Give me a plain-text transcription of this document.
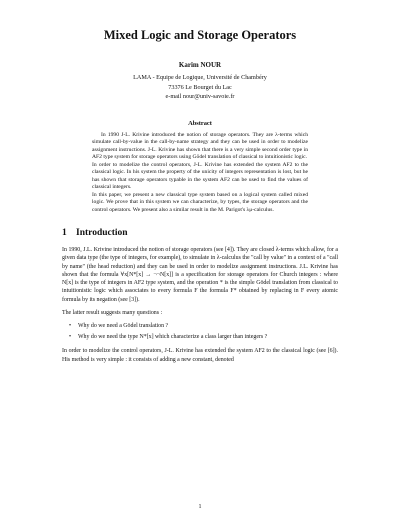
Mixed Logic and Storage Operators
Karim NOUR
LAMA - Equipe de Logique, Université de Chambéry
73376 Le Bourget du Lac
e-mail nour@univ-savoie.fr
Abstract

In 1990 J-L. Krivine introduced the notion of storage operators. They are λ-terms which simulate call-by-value in the call-by-name strategy and they can be used in order to modelize assignment instructions. J-L. Krivine has shown that there is a very simple second order type in AF2 type system for storage operators using Gödel translation of classical to intuitionistic logic.

In order to modelize the control operators, J-L. Krivine has extended the system AF2 to the classical logic. In his system the property of the unicity of integers representation is lost, but he has shown that storage operators typable in the system AF2 can be used to find the values of classical integers.

In this paper, we present a new classical type system based on a logical system called mixed logic. We prove that in this system we can characterize, by types, the storage operators and the control operators. We present also a similar result in the M. Parigot's λμ-calculus.

1 Introduction

In 1990, J.L. Krivine introduced the notion of storage operators (see [4]). They are closed λ-terms which allow, for a given data type (the type of integers, for example), to simulate in λ-calculus the "call by value" in a context of a "call by name" (the head reduction) and they can be used in order to modelize assignment instructions. J.L. Krivine has shown that the formula ∀x[N*[x] → ¬¬N[x]] is a specification for storage operators for Church integers : where N[x] is the type of integers in AF2 type system, and the operation * is the simple Gödel translation from classical to intuitionistic logic which associates to every formula F the formula F* obtained by replacing in F every atomic formula by its negation (see [3]).

The latter result suggests many questions :

• Why do we need a Gödel translation ?
• Why do we need the type N*[x] which characterize a class larger than integers ?

In order to modelize the control operators, J-L. Krivine has extended the system AF2 to the classical logic (see [6]). His method is very simple : it consists of adding a new constant, denoted

1
